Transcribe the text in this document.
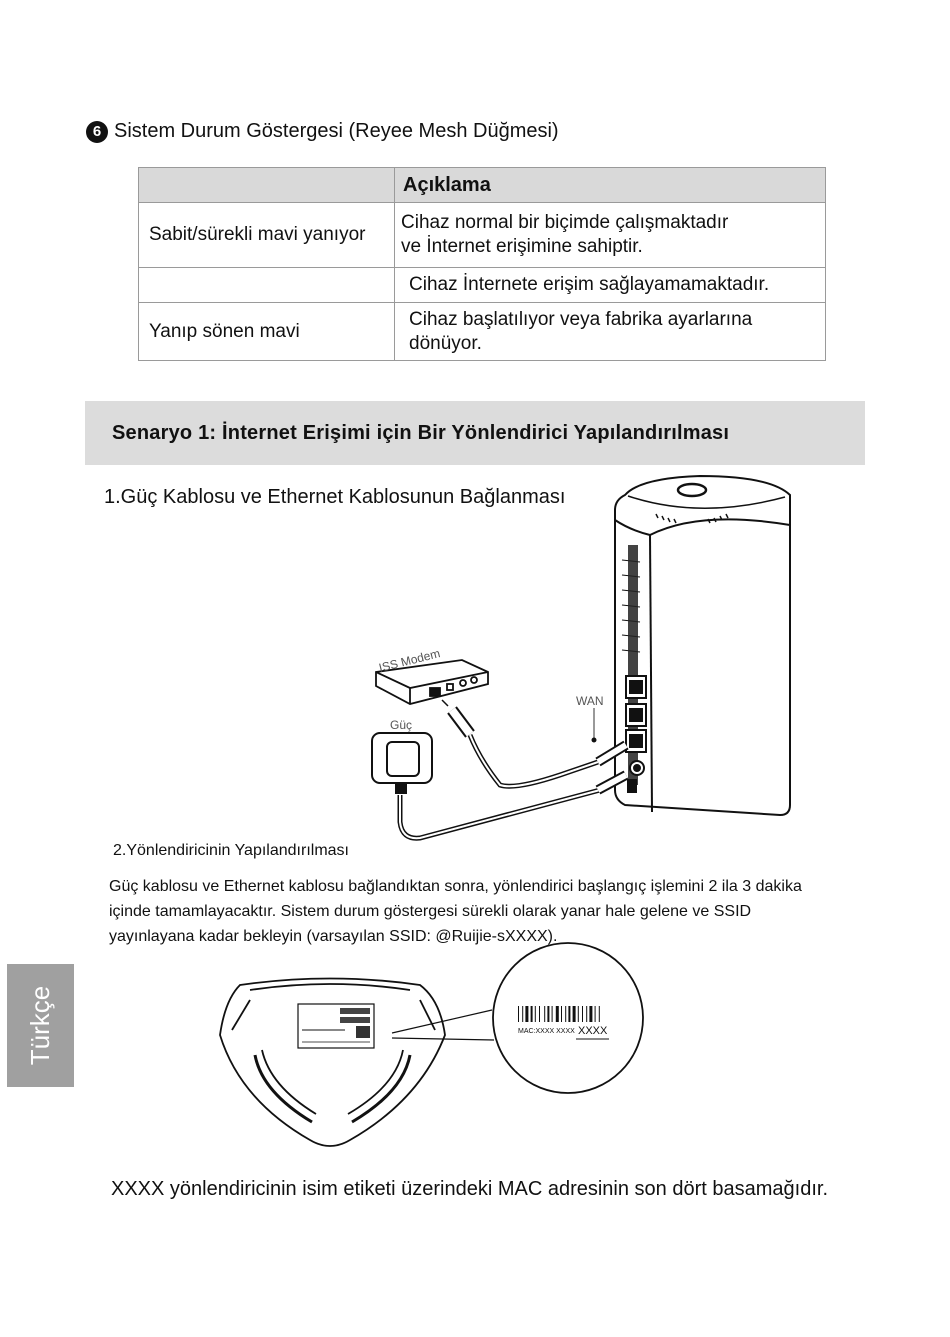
6 Sistem Durum Göstergesi (Reyee Mesh Düğmesi)
	Açıklama
Sabit/sürekli mavi yanıyor	Cihaz normal bir biçimde çalışmaktadır
ve İnternet erişimine sahiptir.

	Cihaz İnternete erişim sağlayamamaktadır.

Yanıp sönen mavi	Cihaz başlatılıyor veya fabrika ayarlarına
dönüyor.
Senaryo 1: İnternet Erişimi için Bir Yönlendirici Yapılandırılması
1.Güç Kablosu ve Ethernet Kablosunun Bağlanması
ISS Modem
Güç
WAN
2.Yönlendiricinin Yapılandırılması
Güç kablosu ve Ethernet kablosu bağlandıktan sonra, yönlendirici başlangıç işlemini 2 ila 3 dakika içinde tamamlayacaktır. Sistem durum göstergesi sürekli olarak yanar hale gelene ve SSID yayınlayana kadar bekleyin (varsayılan SSID: @Ruijie-sXXXX).
MAC:XXXX XXXX XXXX
XXXX yönlendiricinin isim etiketi üzerindeki MAC adresinin son dört basamağıdır.
Türkçe
